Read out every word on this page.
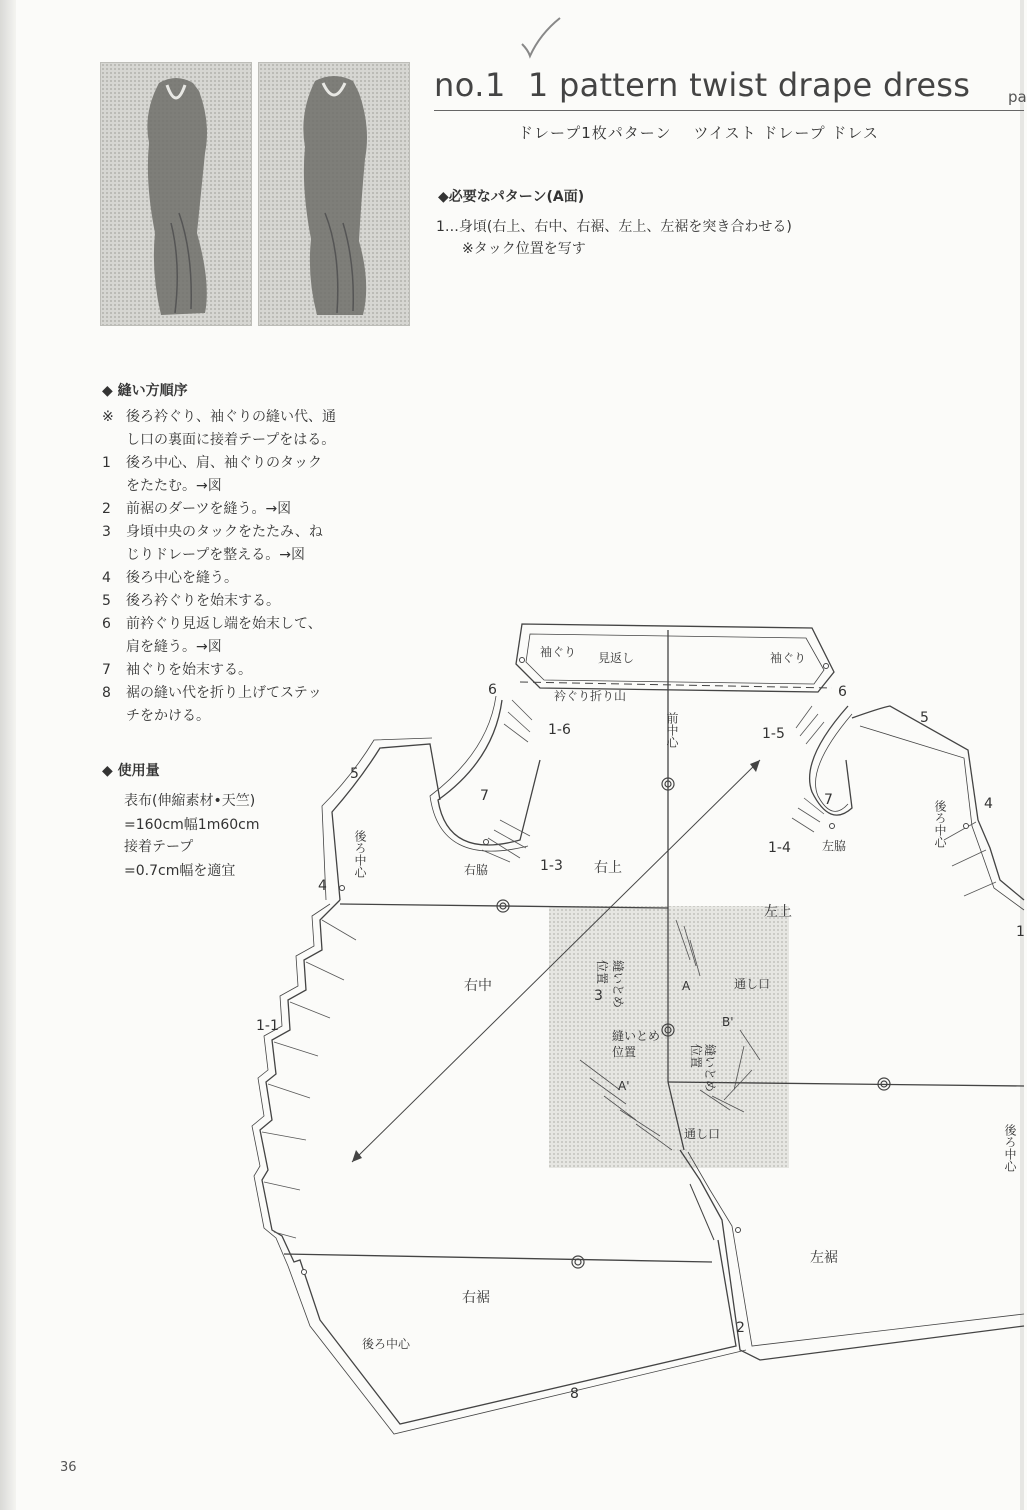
no.1 1 pattern twist drape dress	pa
ドレープ1枚パターン ツイスト ドレープ ドレス
◆必要なパターン(A面)
1…身頃(右上、右中、右裾、左上、左裾を突き合わせる)
※タック位置を写す
◆ 縫い方順序
※ 後ろ衿ぐり、袖ぐりの縫い代、通
し口の裏面に接着テープをはる。
1	後ろ中心、肩、袖ぐりのタック
をたたむ。→図
2	前裾のダーツを縫う。→図
3	身頃中央のタックをたたみ、ね
じりドレープを整える。→図
4	後ろ中心を縫う。
5	後ろ衿ぐりを始末する。
6	前衿ぐり見返し端を始末して、
肩を縫う。→図
7	袖ぐりを始末する。
8	裾の縫い代を折り上げてステッ
チをかける。
◆ 使用量
表布(伸縮素材•天竺)
=160cm幅1m60cm
接着テープ
=0.7cm幅を適宜
袖ぐり 見返し	袖ぐり
衿ぐり折り山
右脇
左脇
位置 縫いとめ
縫いとめ
位置	位置 縫いとめ
通し口
通し口
後ろ中心
前中心
後ろ中心
後ろ中心
後ろ中心
6	6
5
5
4
4
7	7
1-6	1-5
1-3
1-4
1-1
1
右上
左上
右中
3
2
8
右裾
左裾
A
A'
B'
36
